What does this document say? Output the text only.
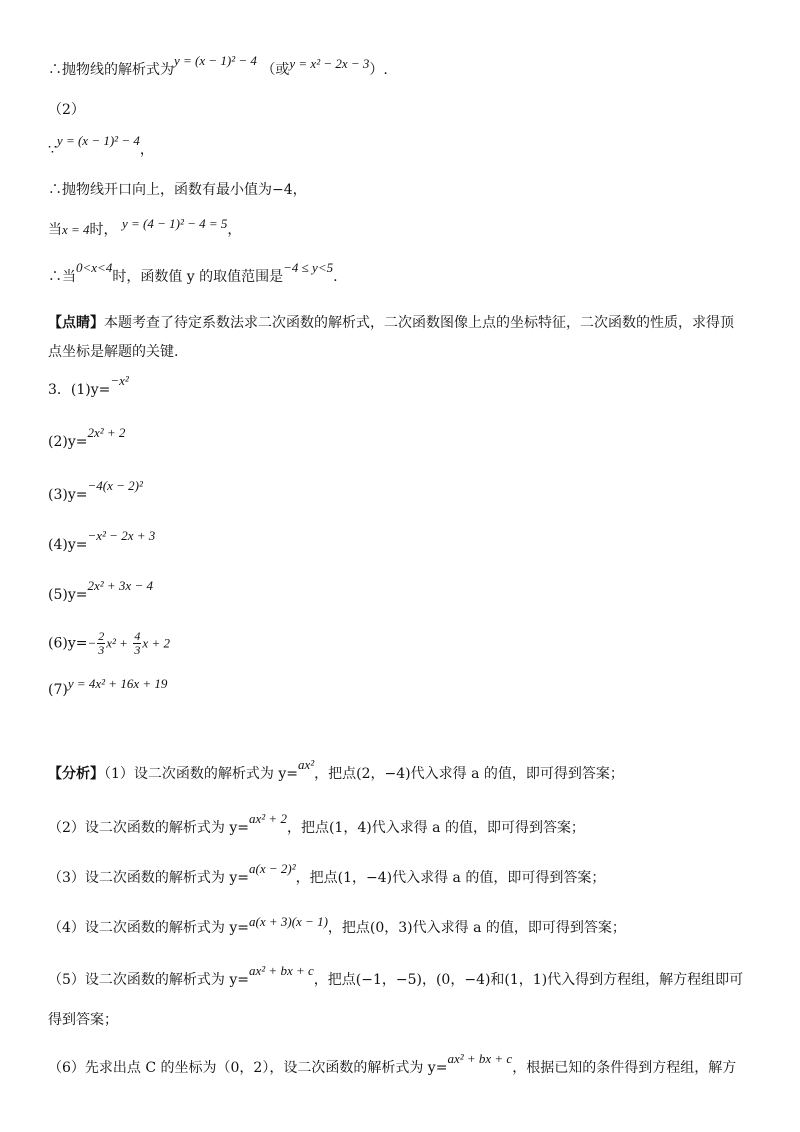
∴抛物线的解析式为y = (x − 1)² − 4 （或y = x² − 2x − 3）.
（2）
∵y = (x − 1)² − 4，
∴抛物线开口向上，函数有最小值为−4，
当x = 4时， y = (4 − 1)² − 4 = 5，
∴当0<x<4时，函数值 y 的取值范围是−4 ≤ y<5.
【点睛】本题考查了待定系数法求二次函数的解析式，二次函数图像上点的坐标特征，二次函数的性质，求得顶
点坐标是解题的关键.
3．(1)y=−x²
(2)y=2x² + 2
(3)y=−4(x − 2)²
(4)y=−x² − 2x + 3
(5)y=2x² + 3x − 4
$(6)y=- \frac{2}{3} x^2 + \frac{4}{3}$ x + 2
(7)y = 4x² + 16x + 19
【分析】（1）设二次函数的解析式为 y=ax²，把点(2，−4)代入求得 a 的值，即可得到答案；
（2）设二次函数的解析式为 y=ax² + 2，把点(1，4)代入求得 a 的值，即可得到答案；
（3）设二次函数的解析式为 y=a(x − 2)²，把点(1，−4)代入求得 a 的值，即可得到答案；
（4）设二次函数的解析式为 y=a(x + 3)(x − 1)，把点(0，3)代入求得 a 的值，即可得到答案；
（5）设二次函数的解析式为 y=ax² + bx + c，把点(−1，−5)，(0，−4)和(1，1)代入得到方程组，解方程组即可
得到答案；
（6）先求出点 C 的坐标为（0，2），设二次函数的解析式为 y=ax² + bx + c，根据已知的条件得到方程组，解方
